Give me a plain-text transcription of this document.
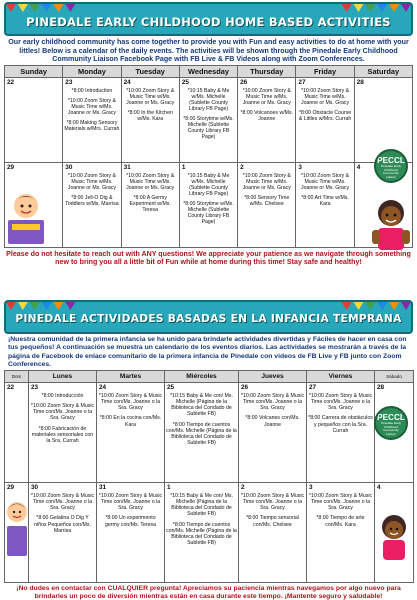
PINEDALE EARLY CHILDHOOD HOME BASED ACTIVITIES
Our early childhood community has come together to provide you with Fun and easy activities to do at home with your littles! Below is a calendar of the daily events. The activities will be shown through the Pinedale Early Childhood Community Liaison Facebook Page with FB Live & FB Videos along with Zoom Conferences.
Sunday	Monday	Tuesday	Wednesday	Thursday	Friday	Saturday

22	23
*8:00 Introduction
*10:00 Zoom Story & Music Time w/Ms. Joanne or Ms. Gracy
*8:00 Making Sensory Materials w/Mrs. Currah	24
*10:00 Zoom Story & Music Time w/Ms. Joanne or Ms. Gracy
*8:00 In the Kitchen w/Ms. Kara	25
*10:15 Baby & Me w/Ms. Michelle (Sublette County Library FB Page)
*8:00 Storytime w/Ms. Michelle (Sublette County Library FB Page)	26
*10:00 Zoom Story & Music Time w/Ms. Joanne or Ms. Gracy
*8:00 Volcanoes w/Ms. Joanne	27
*10:00 Zoom Story & Music Time w/Ms. Joanne or Ms. Gracy
*8:00 Obstacle Course & Littles w/Mrs. Currah	28

29	30
*10:00 Zoom Story & Music Time w/Ms. Joanne or Ms. Gracy
*8:00 Jell-O Dig & Toddlers w/Ms. Marrisa	31
*10:00 Zoom Story & Music Time w/Ms. Joanne or Ms. Gracy
*8:00 A Germy Experiment w/Ms. Teresa	1
*10:15 Baby & Me w/Ms. Michelle (Sublette County Library FB Page)
*8:00 Storytime w/Ms. Michelle (Sublette County Library FB Page)	2
*10:00 Zoom Story & Music Time w/Ms. Joanne or Ms. Gracy
*8:00 Sensory Time w/Ms. Chelsee	3
*10:00 Zoom Story & Music Time w/Ms. Joanne or Ms. Gracy
*8:00 Art Time w/Ms. Kara	4
Please do not hesitate to reach out with ANY questions! We appreciate your patience as we navigate through something new to bring you all a little bit of Fun while at home during this time! Stay safe and healthy!
PECCL
Pinedale Early Childhood Community Liaison
PINEDALE ACTIVIDADES BASADAS EN LA INFANCIA TEMPRANA
¡Nuestra comunidad de la primera infancia se ha unido para brindarle actividades divertidas y Fáciles de hacer en casa con tus pequeños! A continuación se muestra un calendario de los eventos diarios. Las actividades se mostrarán a través de la página de Facebook de enlace comunitario de la primera infancia de Pinedale con videos de FB Live y FB junto con Zoom Conferences.
Dom	Lunes	Martes	Miércoles	Jueves	Viernes	Sábado

22	23
*8:00 Introducción
*10:00 Zoom Story & Music Time con/Ms. Joanne o la Sra. Gracy
*8:00 Fabricación de materiales sensoriales con la Sra. Currah	24
*10:00 Zoom Story & Music Time con/Ms. Joanne o la Sra. Gracy
*8:00 En la cocina con/Ms. Kara	25
*10:15 Baby & Me con/ Ms. Michelle (Página de la Biblioteca del Condado de Sublette FB)
*8:00 Tiempo de cuentos con/Ms. Michelle (Página de la Biblioteca del Condado de Sublette FB)	26
*10:00 Zoom Story & Music Time con/Ms. Joanne o la Sra. Gracy
*8:00 Volcanes con/Ms. Joanne	27
*10:00 Zoom Story & Music Time con/Ms. Joanne o la Sra. Gracy
*8:00 Carrera de obstáculos y pequeños con la Sra. Currah	28

29	30
*10:00 Zoom Story & Music Time con/Ms. Joanne o la Sra. Gracy
*8:00 Gelatina O Dig Y niños Pequeños con/Ms. Marrisa	31
*10:00 Zoom Story & Music Time con/Ms. Joanne o la Sra. Gracy
*8:00 Un experimento germy con/Ms. Teresa	1
*10:15 Baby & Me con/ Ms. Michelle (Página de la Biblioteca del Condado de Sublette FB)
*8:00 Tiempo de cuentos con/Ms. Michelle (Página de la Biblioteca del Condado de Sublette FB)	2
*10:00 Zoom Story & Music Time con/Ms. Joanne o la Sra. Gracy
*8:00 Tiempo sensorial con/Ms. Chelsee	3
*10:00 Zoom Story & Music Time con/Ms. Joanne o la Sra. Gracy
*8:00 Tiempo de arte con/Ms. Kara	4
¡No dudes en contactar con CUALQUIER pregunta! Apreciamos su paciencia mientras navegamos por algo nuevo para brindarles un poco de diversión mientras están en casa durante este tiempo. ¡Mantente seguro y saludable!
PECCL
Pinedale Early Childhood Community Liaison
